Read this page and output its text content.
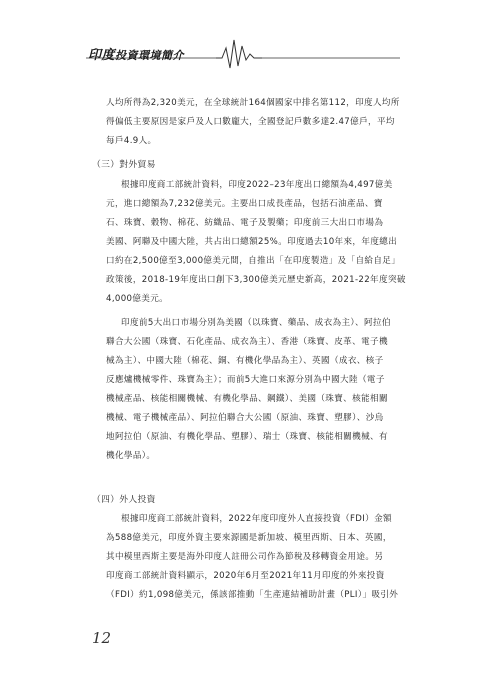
印度投資環境簡介
人均所得為2,320美元，在全球統計164個國家中排名第112，印度人均所
得偏低主要原因是家戶及人口數龐大，全國登記戶數多達2.47億戶，平均
每戶4.9人。
（三）對外貿易
根據印度商工部統計資料，印度2022–23年度出口總額為4,497億美
元，進口總額為7,232億美元。主要出口成長產品，包括石油產品、寶
石、珠寶、穀物、棉花、紡織品、電子及製藥；印度前三大出口市場為
美國、阿聯及中國大陸，共占出口總額25%。印度過去10年來，年度總出
口約在2,500億至3,000億美元間，自推出「在印度製造」及「自給自足」
政策後，2018-19年度出口創下3,300億美元歷史新高，2021-22年度突破
4,000億美元。
印度前5大出口市場分別為美國（以珠寶、藥品、成衣為主）、阿拉伯
聯合大公國（珠寶、石化產品、成衣為主）、香港（珠寶、皮革、電子機
械為主）、中國大陸（棉花、銅、有機化學品為主）、英國（成衣、核子
反應爐機械零件、珠寶為主）；而前5大進口來源分別為中國大陸（電子
機械產品、核能相關機械、有機化學品、鋼鐵）、美國（珠寶、核能相關
機械、電子機械產品）、阿拉伯聯合大公國（原油、珠寶、塑膠）、沙烏
地阿拉伯（原油、有機化學品、塑膠）、瑞士（珠寶、核能相關機械、有
機化學品）。
（四）外人投資
根據印度商工部統計資料，2022年度印度外人直接投資（FDI）金額
為588億美元，印度外資主要來源國是新加坡、模里西斯、日本、英國，
其中模里西斯主要是海外印度人註冊公司作為節稅及移轉資金用途。另
印度商工部統計資料顯示，2020年6月至2021年11月印度的外來投資
（FDI）約1,098億美元，係該部推動「生產連結補助計畫（PLI）」吸引外
12
